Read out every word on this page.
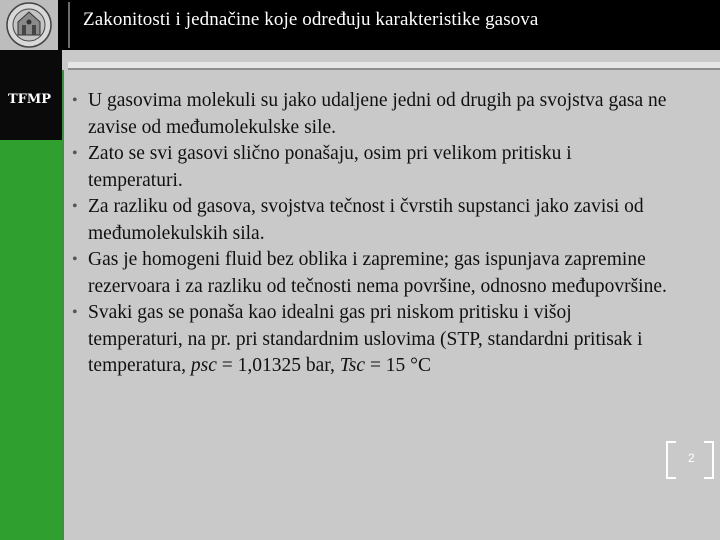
Zakonitosti i jednačine koje određuju karakteristike gasova
TFMP
•	U gasovima molekuli su jako udaljene jedni od drugih pa svojstva gasa ne zavise od međumolekulske sile.
• Zato se svi gasovi slično ponašaju, osim pri velikom pritisku i temperaturi.
• Za razliku od gasova, svojstva tečnost i čvrstih supstanci jako zavisi od međumolekulskih sila.
• Gas je homogeni fluid bez oblika i zapremine; gas ispunjava zapremine rezervoara i za razliku od tečnosti nema površine, odnosno međupovršine.
• Svaki gas se ponaša kao idealni gas pri niskom pritisku i višoj temperaturi, na pr. pri standardnim uslovima (STP, standardni pritisak i temperatura, psc = 1,01325 bar, Tsc = 15 °C
2
